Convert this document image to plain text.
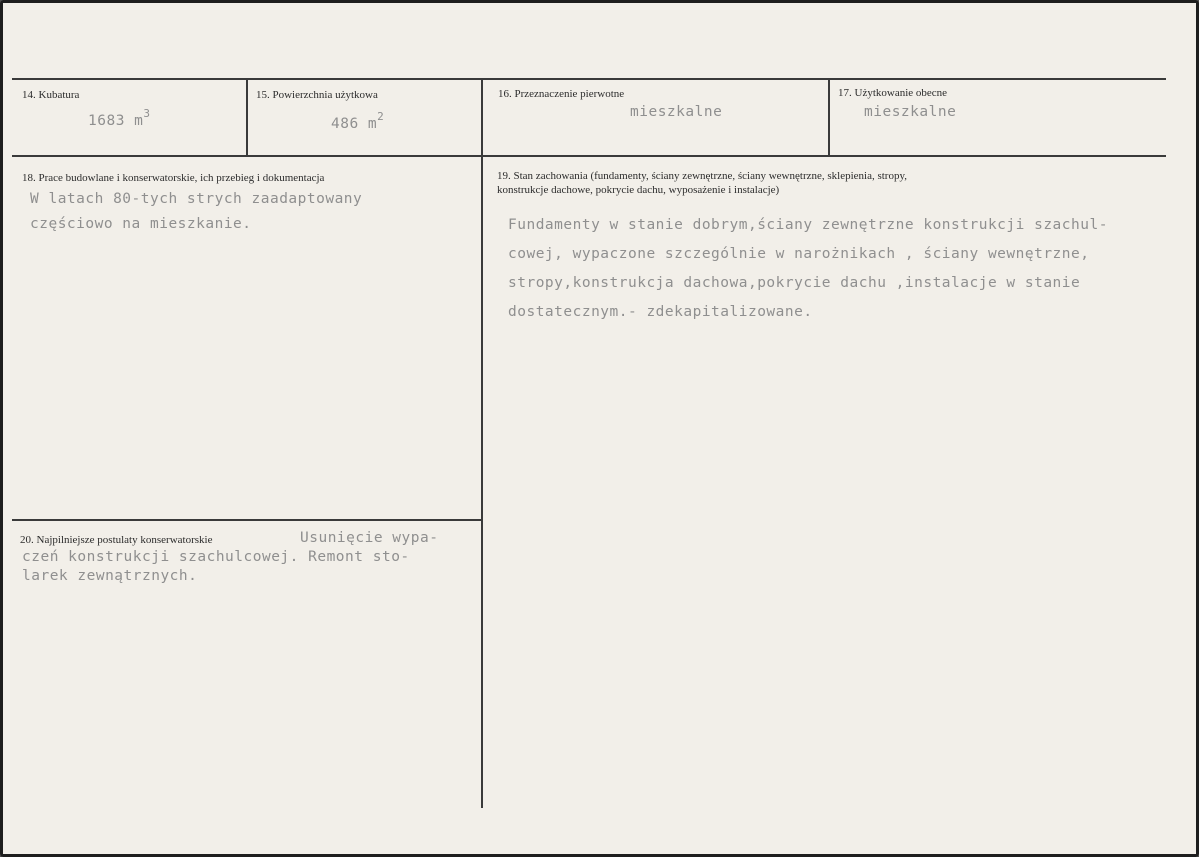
14. Kubatura
1683 $m^3$
15. Powierzchnia użytkowa
486 $m^2$
16. Przeznaczenie pierwotne
mieszkalne
17. Użytkowanie obecne
mieszkalne
18. Prace budowlane i konserwatorskie, ich przebieg i dokumentacja
W latach 80-tych strych zaadaptowany
częściowo na mieszkanie.
19. Stan zachowania (fundamenty, ściany zewnętrzne, ściany wewnętrzne, sklepienia, stropy,
konstrukcje dachowe, pokrycie dachu, wyposażenie i instalacje)
Fundamenty w stanie dobrym,ściany zewnętrzne konstrukcji szachul-
cowej, wypaczone szczególnie w narożnikach , ściany wewnętrzne,
stropy,konstrukcja dachowa,pokrycie dachu ,instalacje w stanie
dostatecznym.- zdekapitalizowane.
20. Najpilniejsze postulaty konserwatorskie	Usunięcie wypa-
czeń konstrukcji szachulcowej. Remont sto-
larek zewnątrznych.
